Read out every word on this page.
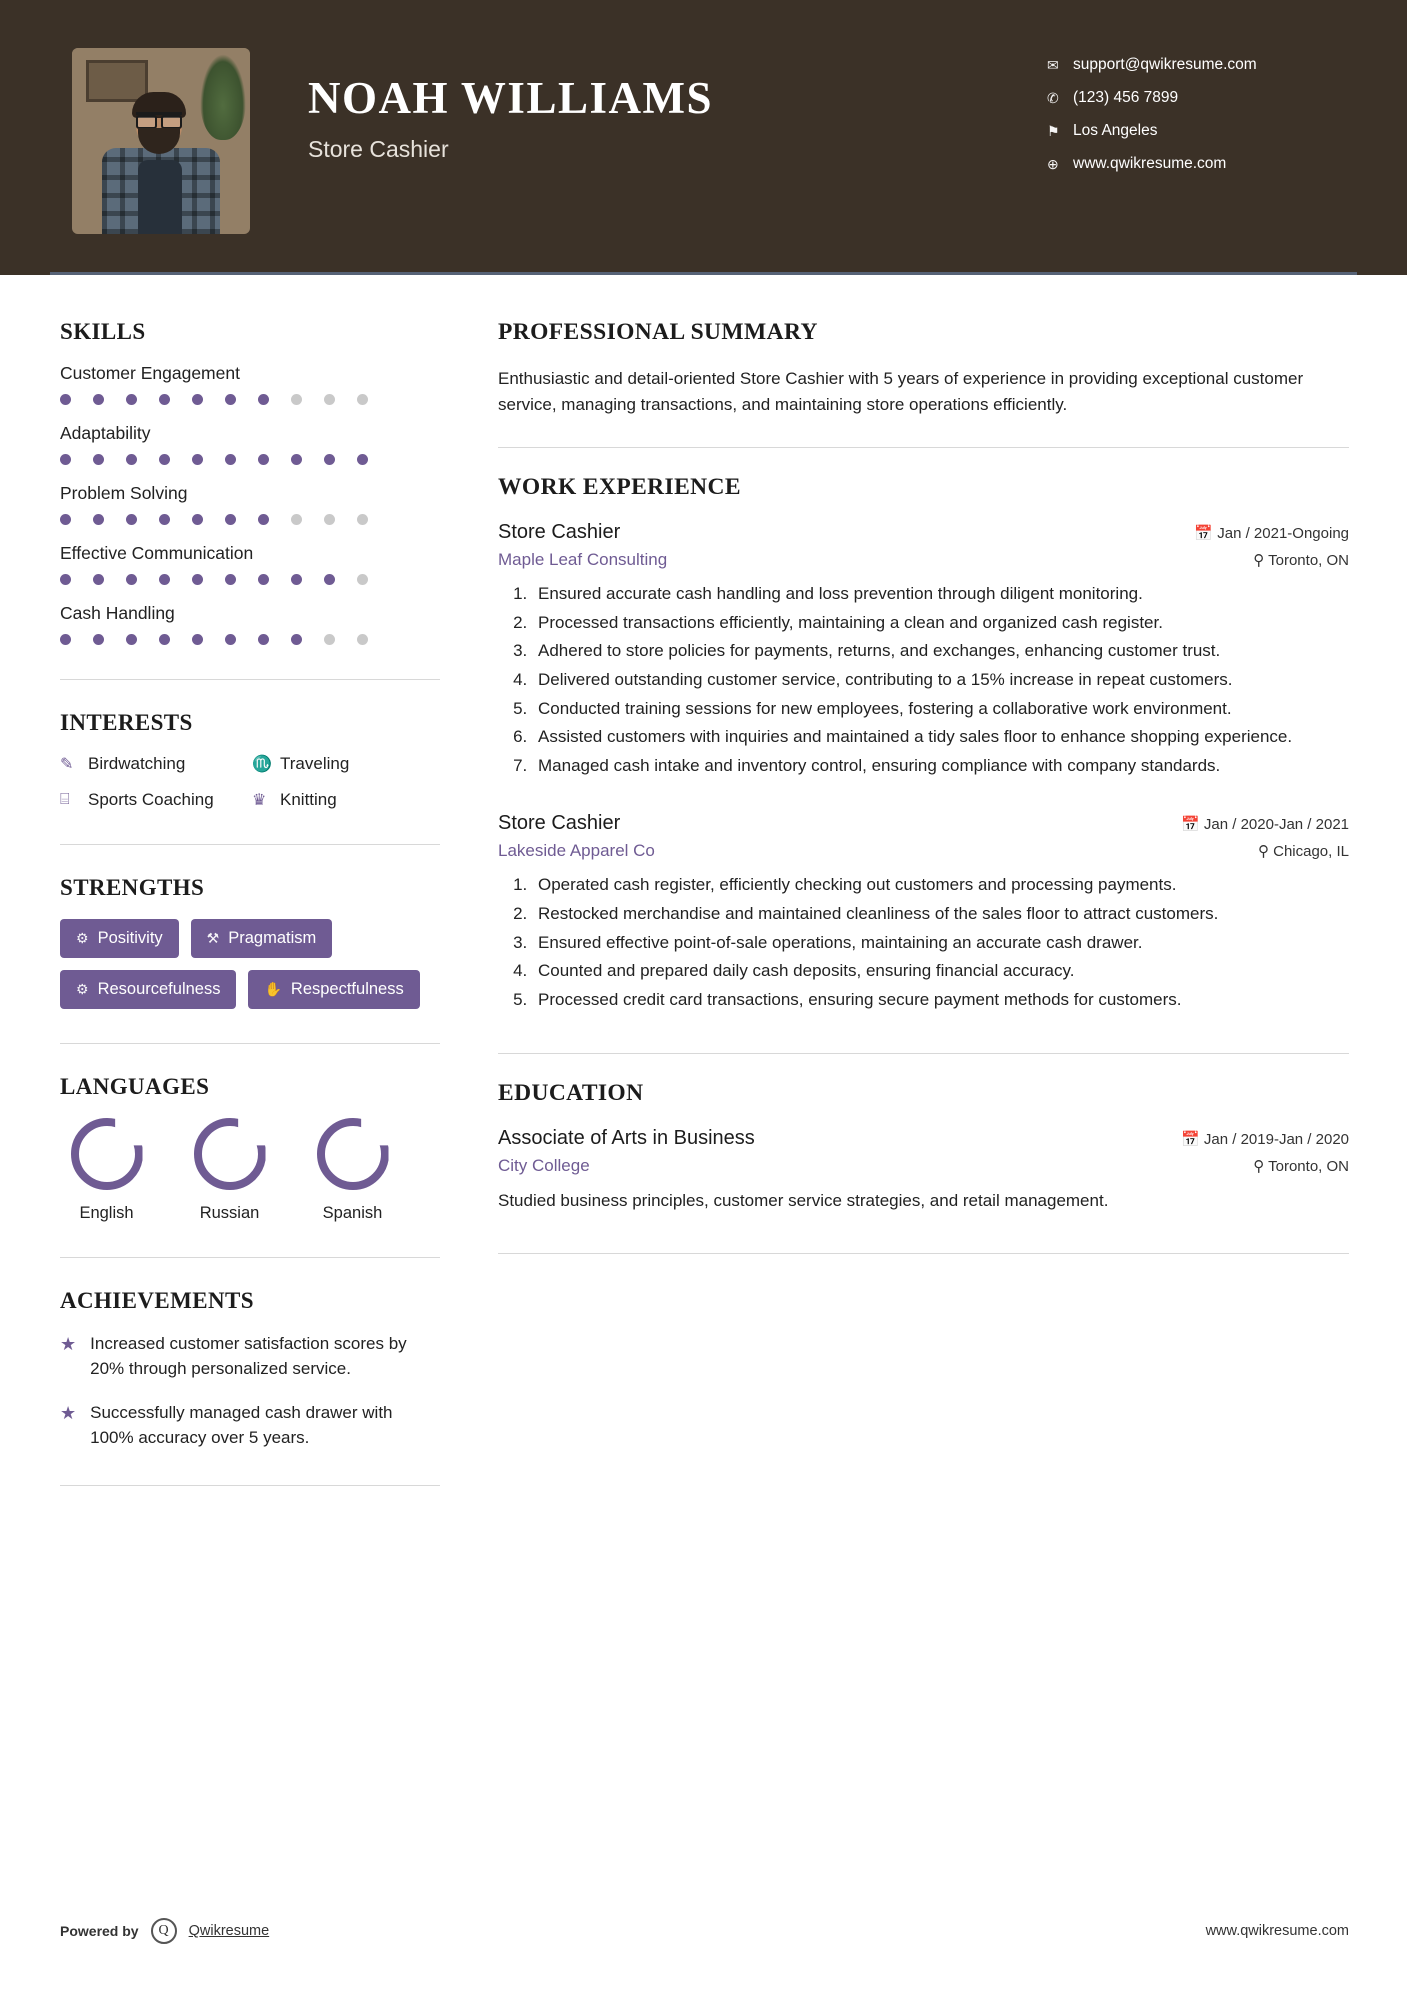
NOAH WILLIAMS
Store Cashier
✉ support@qwikresume.com
✆ (123) 456 7899
⚑ Los Angeles
⊕ www.qwikresume.com
SKILLS
Customer Engagement
Adaptability
Problem Solving
Effective Communication
Cash Handling
INTERESTS
✎ Birdwatching	♏ Traveling
⌸	Sports Coaching ♛ Knitting
STRENGTHS
⚙ Positivity	⚒ Pragmatism
⚙ Resourcefulness	✋ Respectfulness
LANGUAGES
English	Russian	Spanish
ACHIEVEMENTS
★ Increased customer satisfaction scores by 20% through personalized service.
★ Successfully managed cash drawer with 100% accuracy over 5 years.
PROFESSIONAL SUMMARY
Enthusiastic and detail-oriented Store Cashier with 5 years of experience in providing exceptional customer service, managing transactions, and maintaining store operations efficiently.
WORK EXPERIENCE
Store Cashier	📅 Jan / 2021-Ongoing
Maple Leaf Consulting	⚲ Toronto, ON
1. Ensured accurate cash handling and loss prevention through diligent monitoring.
2. Processed transactions efficiently, maintaining a clean and organized cash register.
3. Adhered to store policies for payments, returns, and exchanges, enhancing customer trust.
4. Delivered outstanding customer service, contributing to a 15% increase in repeat customers.
5. Conducted training sessions for new employees, fostering a collaborative work environment.
6. Assisted customers with inquiries and maintained a tidy sales floor to enhance shopping experience.
7. Managed cash intake and inventory control, ensuring compliance with company standards.
Store Cashier	📅 Jan / 2020-Jan / 2021
Lakeside Apparel Co	⚲ Chicago, IL
1. Operated cash register, efficiently checking out customers and processing payments.
2. Restocked merchandise and maintained cleanliness of the sales floor to attract customers.
3. Ensured effective point-of-sale operations, maintaining an accurate cash drawer.
4. Counted and prepared daily cash deposits, ensuring financial accuracy.
5. Processed credit card transactions, ensuring secure payment methods for customers.
EDUCATION
Associate of Arts in Business	📅 Jan / 2019-Jan / 2020
City College	⚲ Toronto, ON
Studied business principles, customer service strategies, and retail management.
Powered by	Q	Qwikresume	www.qwikresume.com
